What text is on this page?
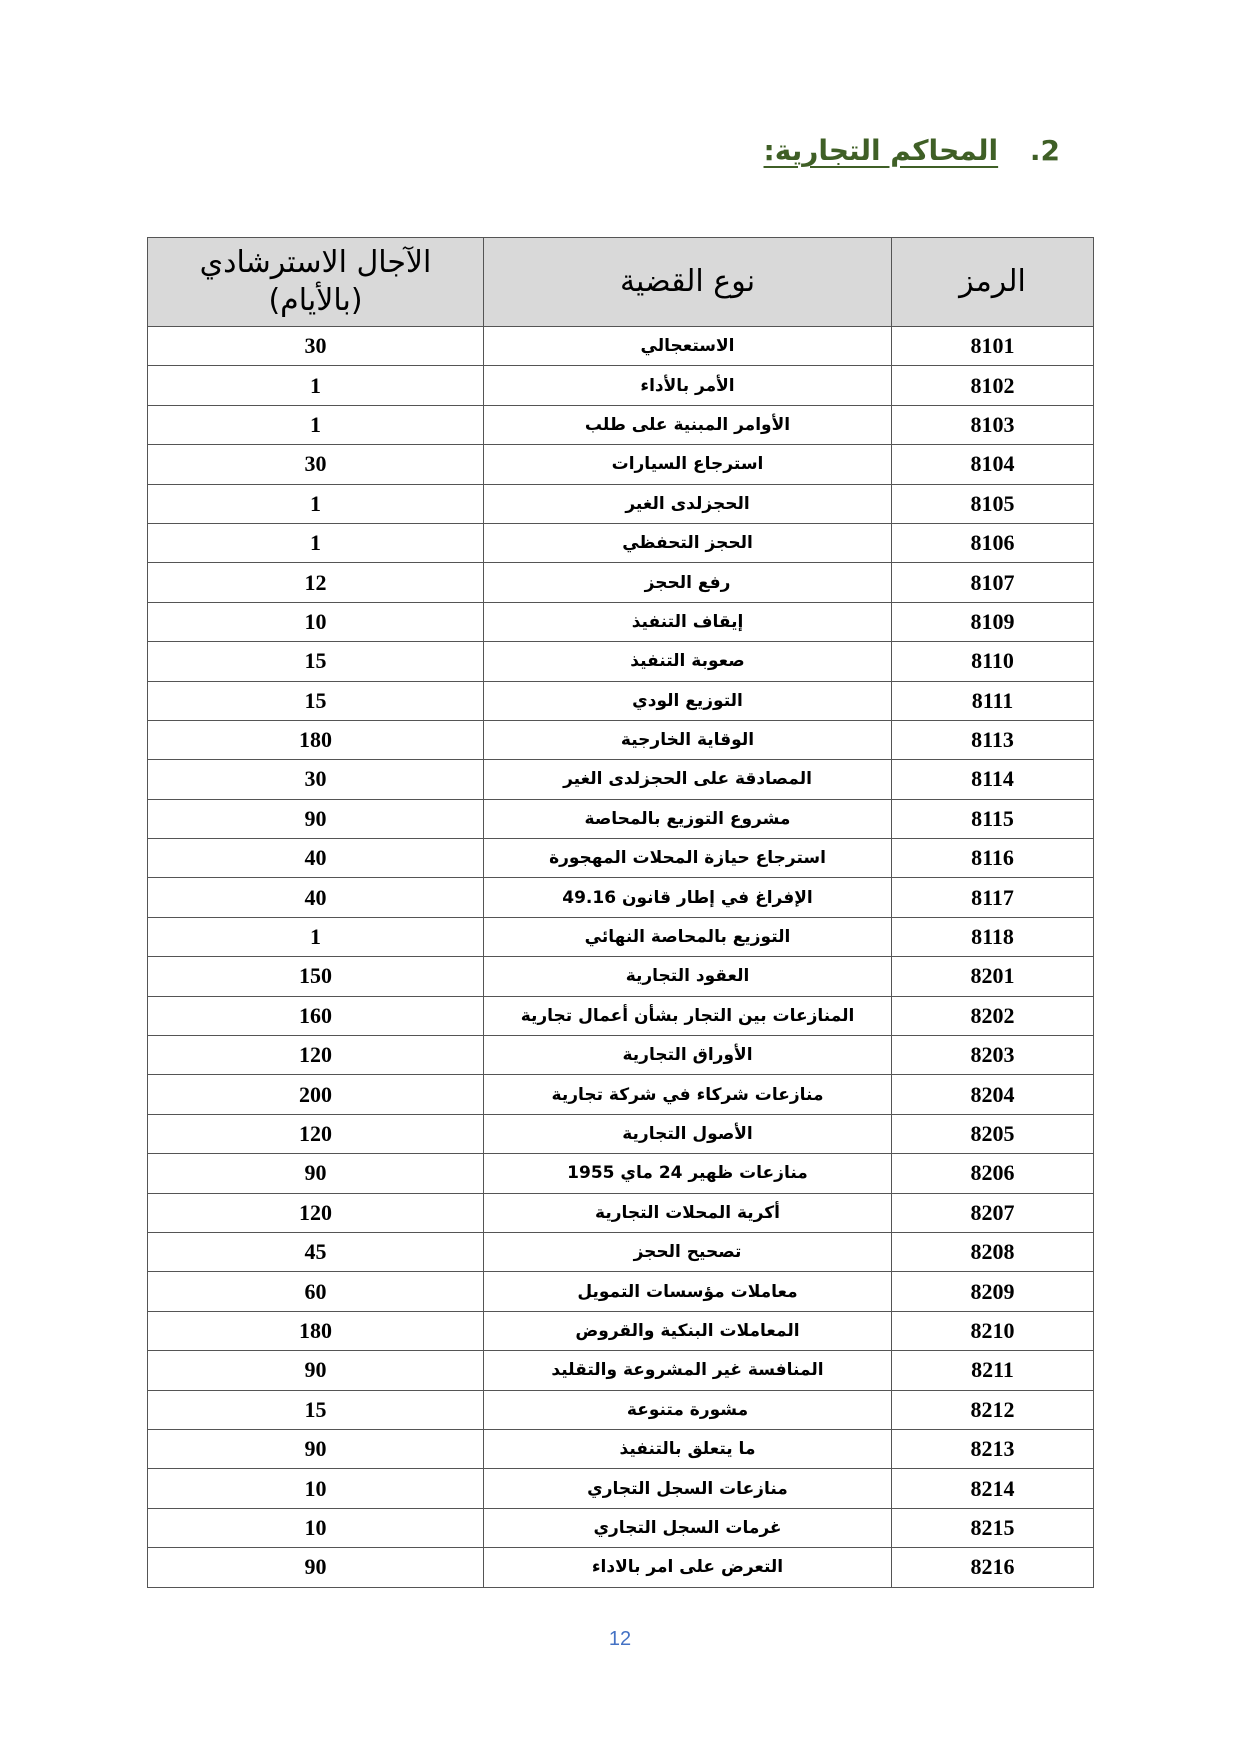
2. المحاكم التجارية:
الرمز	نوع القضية	الآجال الاسترشادي
(بالأيام)

8101	الاستعجالي	30
8102	الأمر بالأداء	1
8103	الأوامر المبنية على طلب	1
8104	استرجاع السيارات	30
8105	الحجزلدى الغير	1
8106	الحجز التحفظي	1
8107	رفع الحجز	12
8109	إيقاف التنفيذ	10
8110	صعوبة التنفيذ	15
8111	التوزيع الودي	15
8113	الوقاية الخارجية	180
8114	المصادقة على الحجزلدى الغير	30
8115	مشروع التوزيع بالمحاصة	90
8116	استرجاع حيازة المحلات المهجورة	40
8117	الإفراغ في إطار قانون 49.16	40
8118	التوزيع بالمحاصة النهائي	1
8201	العقود التجارية	150
8202	المنازعات بين التجار بشأن أعمال تجارية	160
8203	الأوراق التجارية	120
8204	منازعات شركاء في شركة تجارية	200
8205	الأصول التجارية	120
8206	منازعات ظهير 24 ماي 1955	90
8207	أكرية المحلات التجارية	120
8208	تصحيح الحجز	45
8209	معاملات مؤسسات التمويل	60
8210	المعاملات البنكية والقروض	180
8211	المنافسة غير المشروعة والتقليد	90
8212	مشورة متنوعة	15
8213	ما يتعلق بالتنفيذ	90
8214	منازعات السجل التجاري	10
8215	غرمات السجل التجاري	10
8216	التعرض على امر بالاداء	90
12
